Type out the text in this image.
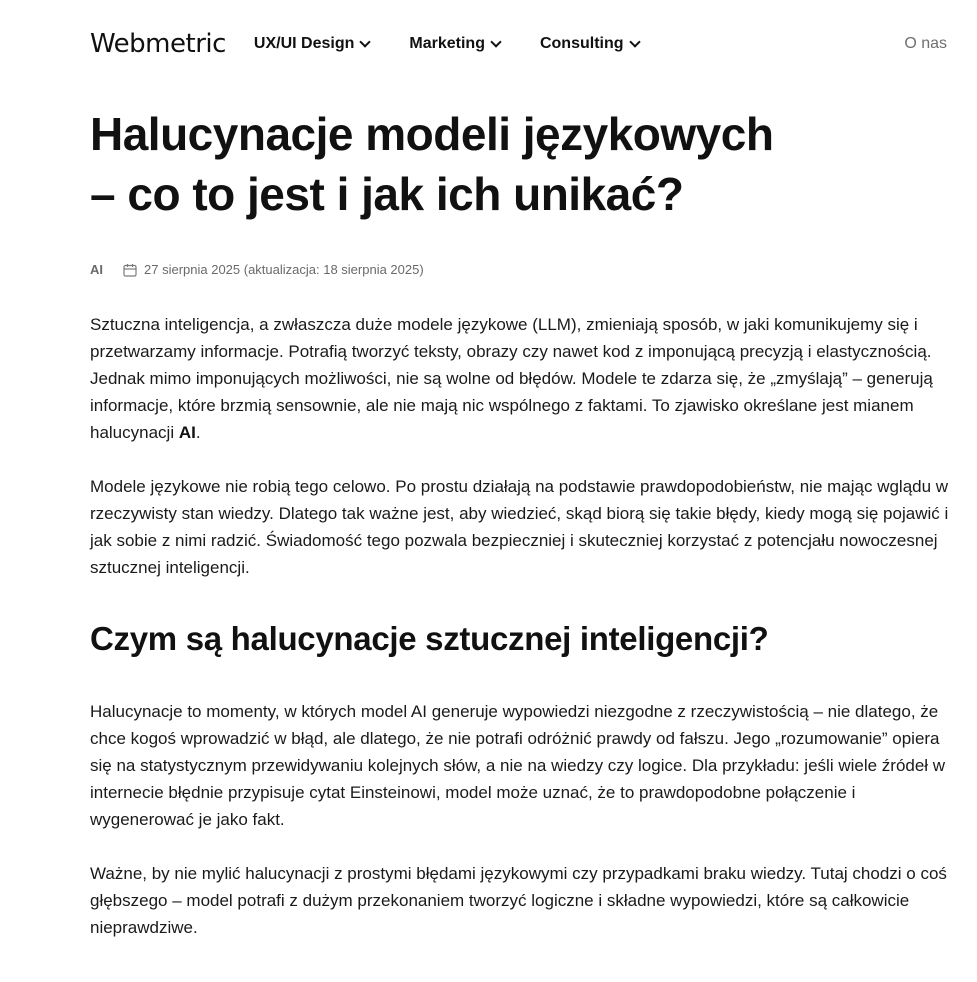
Webmetric UX/UI Design	Marketing	Consulting	O nas
Halucynacje modeli językowych
– co to jest i jak ich unikać?
AI	27 sierpnia 2025 (aktualizacja: 18 sierpnia 2025)

Sztuczna inteligencja, a zwłaszcza duże modele językowe (LLM), zmieniają sposób, w jaki komunikujemy się i przetwarzamy informacje. Potrafią tworzyć teksty, obrazy czy nawet kod z imponującą precyzją i elastycznością. Jednak mimo imponujących możliwości, nie są wolne od błędów. Modele te zdarza się, że „zmyślają” – generują informacje, które brzmią sensownie, ale nie mają nic wspólnego z faktami. To zjawisko określane jest mianem halucynacji AI.

Modele językowe nie robią tego celowo. Po prostu działają na podstawie prawdopodobieństw, nie mając wglądu w rzeczywisty stan wiedzy. Dlatego tak ważne jest, aby wiedzieć, skąd biorą się takie błędy, kiedy mogą się pojawić i jak sobie z nimi radzić. Świadomość tego pozwala bezpieczniej i skuteczniej korzystać z potencjału nowoczesnej sztucznej inteligencji.

Czym są halucynacje sztucznej inteligencji?

Halucynacje to momenty, w których model AI generuje wypowiedzi niezgodne z rzeczywistością – nie dlatego, że chce kogoś wprowadzić w błąd, ale dlatego, że nie potrafi odróżnić prawdy od fałszu. Jego „rozumowanie” opiera się na statystycznym przewidywaniu kolejnych słów, a nie na wiedzy czy logice. Dla przykładu: jeśli wiele źródeł w internecie błędnie przypisuje cytat Einsteinowi, model może uznać, że to prawdopodobne połączenie i wygenerować je jako fakt.

Ważne, by nie mylić halucynacji z prostymi błędami językowymi czy przypadkami braku wiedzy. Tutaj chodzi o coś głębszego – model potrafi z dużym przekonaniem tworzyć logiczne i składne wypowiedzi, które są całkowicie nieprawdziwe.
